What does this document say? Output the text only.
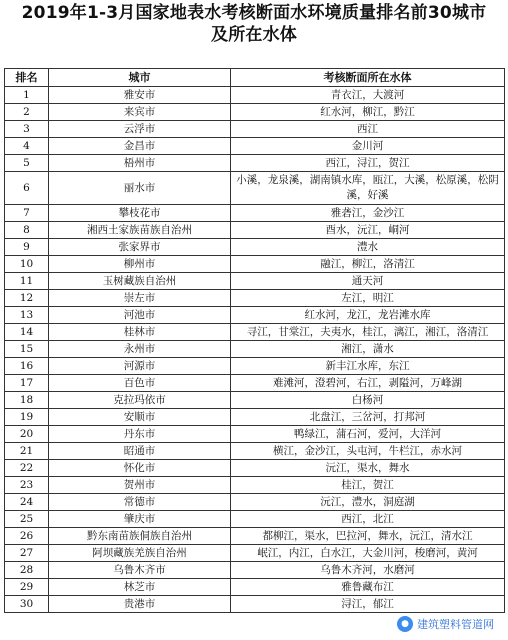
2019年1-3月国家地表水考核断面水环境质量排名前30城市
及所在水体
排名	城市	考核断面所在水体
1	雅安市	青衣江，大渡河
2	来宾市	红水河，柳江，黔江
3	云浮市	西江
4	金昌市	金川河
5	梧州市	西江，浔江，贺江
6	丽水市	小溪，龙泉溪，湖南镇水库，瓯江，大溪，松原溪，松阴溪，好溪
7	攀枝花市	雅砻江，金沙江
8	湘西土家族苗族自治州	酉水，沅江，峒河
9	张家界市	澧水
10	柳州市	融江，柳江，洛清江
11	玉树藏族自治州	通天河
12	崇左市	左江，明江
13	河池市	红水河，龙江，龙岩滩水库
14	桂林市	寻江，甘棠江，夫夷水，桂江，漓江，湘江，洛清江
15	永州市	湘江，潇水
16	河源市	新丰江水库，东江
17	百色市	难滩河，澄碧河，右江，剥隘河，万峰湖
18	克拉玛依市	白杨河
19	安顺市	北盘江，三岔河，打邦河
20	丹东市	鸭绿江，蒲石河，爱河，大洋河
21	昭通市	横江，金沙江，头屯河，牛栏江，赤水河
22	怀化市	沅江，渠水，舞水
23	贺州市	桂江，贺江
24	常德市	沅江，澧水，洞庭湖
25	肇庆市	西江，北江
26	黔东南苗族侗族自治州	都柳江，渠水，巴拉河，舞水，沅江，清水江
27	阿坝藏族羌族自治州	岷江，内江，白水江，大金川河，梭磨河，黄河
28	乌鲁木齐市	乌鲁木齐河，水磨河
29	林芝市	雅鲁藏布江
30	贵港市	浔江，郁江
● 建筑塑料管道网
